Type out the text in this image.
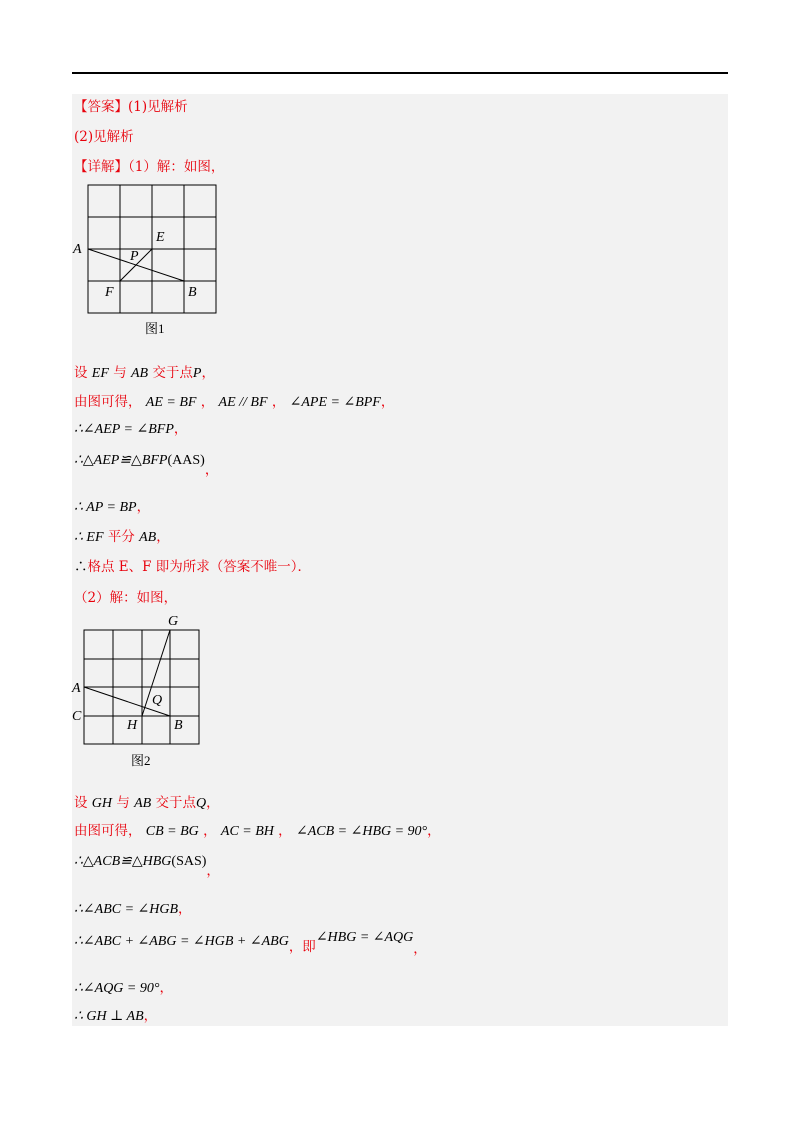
【答案】(1)见解析
(2)见解析
【详解】（1）解：如图，
A
E
P
F	B
图1
设 EF 与 AB 交于点P，
由图可得， AE = BF ， AE // BF ， ∠APE = ∠BPF，
∴∠AEP = ∠BFP，
∴△AEP≌△BFP(AAS)，
∴ AP = BP，
∴ EF 平分 AB，
∴格点 E、F 即为所求（答案不唯一）．
（2）解：如图，
G
A
C
Q
H	B
图2
设 GH 与 AB 交于点Q，
由图可得， CB = BG ， AC = BH ， ∠ACB = ∠HBG = 90°，
∴△ACB≌△HBG(SAS)，
∴∠ABC = ∠HGB，
∴∠ABC + ∠ABG = ∠HGB + ∠ABG，即∠HBG = ∠AQG，
∴∠AQG = 90°，
∴ GH ⊥ AB，
